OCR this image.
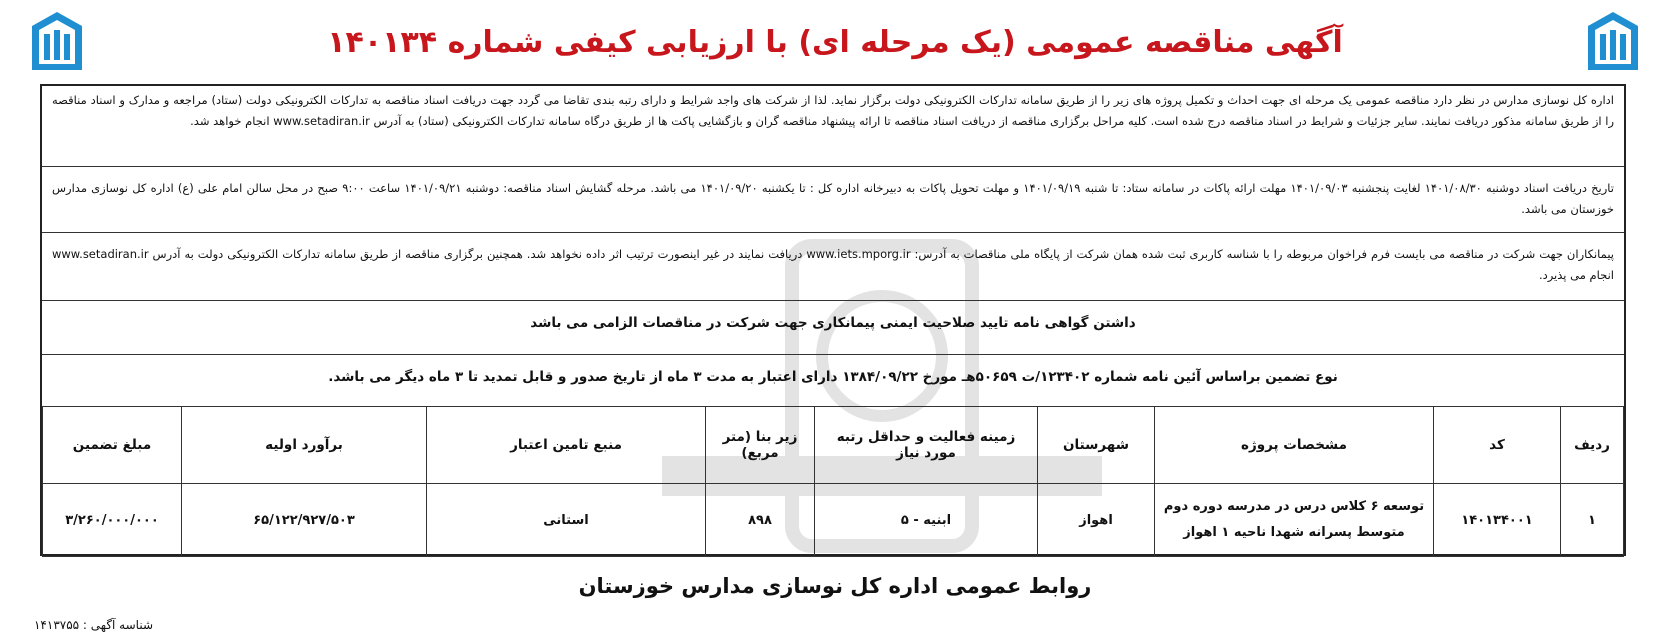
آگهی مناقصه عمومی (یک مرحله ای) با ارزیابی کیفی شماره ۱۴۰۱۳۴
اداره کل نوسازی مدارس در نظر دارد مناقصه عمومی یک مرحله ای جهت احداث و تکمیل پروژه های زیر را از طریق سامانه تدارکات الکترونیکی دولت برگزار نماید. لذا از شرکت های واجد شرایط و دارای رتبه بندی تقاضا می گردد جهت دریافت اسناد مناقصه به تدارکات الکترونیکی دولت (ستاد) مراجعه و مدارک و اسناد مناقصه را از طریق سامانه مذکور دریافت نمایند. سایر جزئیات و شرایط در اسناد مناقصه درج شده است. کلیه مراحل برگزاری مناقصه از دریافت اسناد مناقصه تا ارائه پیشنهاد مناقصه گران و بازگشایی پاکت ها از طریق درگاه سامانه تدارکات الکترونیکی (ستاد) به آدرس www.setadiran.ir انجام خواهد شد.
تاریخ دریافت اسناد دوشنبه ۱۴۰۱/۰۸/۳۰ لغایت پنجشنبه ۱۴۰۱/۰۹/۰۳ مهلت ارائه پاکات در سامانه ستاد: تا شنبه ۱۴۰۱/۰۹/۱۹ و مهلت تحویل پاکات به دبیرخانه اداره کل : تا یکشنبه ۱۴۰۱/۰۹/۲۰ می باشد. مرحله گشایش اسناد مناقصه: دوشنبه ۱۴۰۱/۰۹/۲۱ ساعت ۹:۰۰ صبح در محل سالن امام علی (ع) اداره کل نوسازی مدارس خوزستان می باشد.
پیمانکاران جهت شرکت در مناقصه می بایست فرم فراخوان مربوطه را با شناسه کاربری ثبت شده همان شرکت از پایگاه ملی مناقصات به آدرس: www.iets.mporg.ir دریافت نمایند در غیر اینصورت ترتیب اثر داده نخواهد شد. همچنین برگزاری مناقصه از طریق سامانه تدارکات الکترونیکی دولت به آدرس www.setadiran.ir انجام می پذیرد.
داشتن گواهی نامه تایید صلاحیت ایمنی پیمانکاری جهت شرکت در مناقصات الزامی می باشد
نوع تضمین براساس آئین نامه شماره ۱۲۳۴۰۲/ت ۵۰۶۵۹هـ مورخ ۱۳۸۴/۰۹/۲۲ دارای اعتبار به مدت ۳ ماه از تاریخ صدور و قابل تمدید تا ۳ ماه دیگر می باشد.
ردیف	کد	مشخصات پروژه	شهرستان	زمینه فعالیت و حداقل رتبه مورد نیاز	زیر بنا (متر مربع)	منبع تامین اعتبار	برآورد اولیه	مبلغ تضمین
۱	۱۴۰۱۳۴۰۰۱	توسعه ۶ کلاس درس در مدرسه دوره دوم متوسط پسرانه شهدا ناحیه ۱ اهواز	اهواز	ابنیه - ۵	۸۹۸	استانی	۶۵/۱۲۲/۹۲۷/۵۰۳	۳/۲۶۰/۰۰۰/۰۰۰
روابط عمومی اداره کل نوسازی مدارس خوزستان
شناسه آگهی : ۱۴۱۳۷۵۵
